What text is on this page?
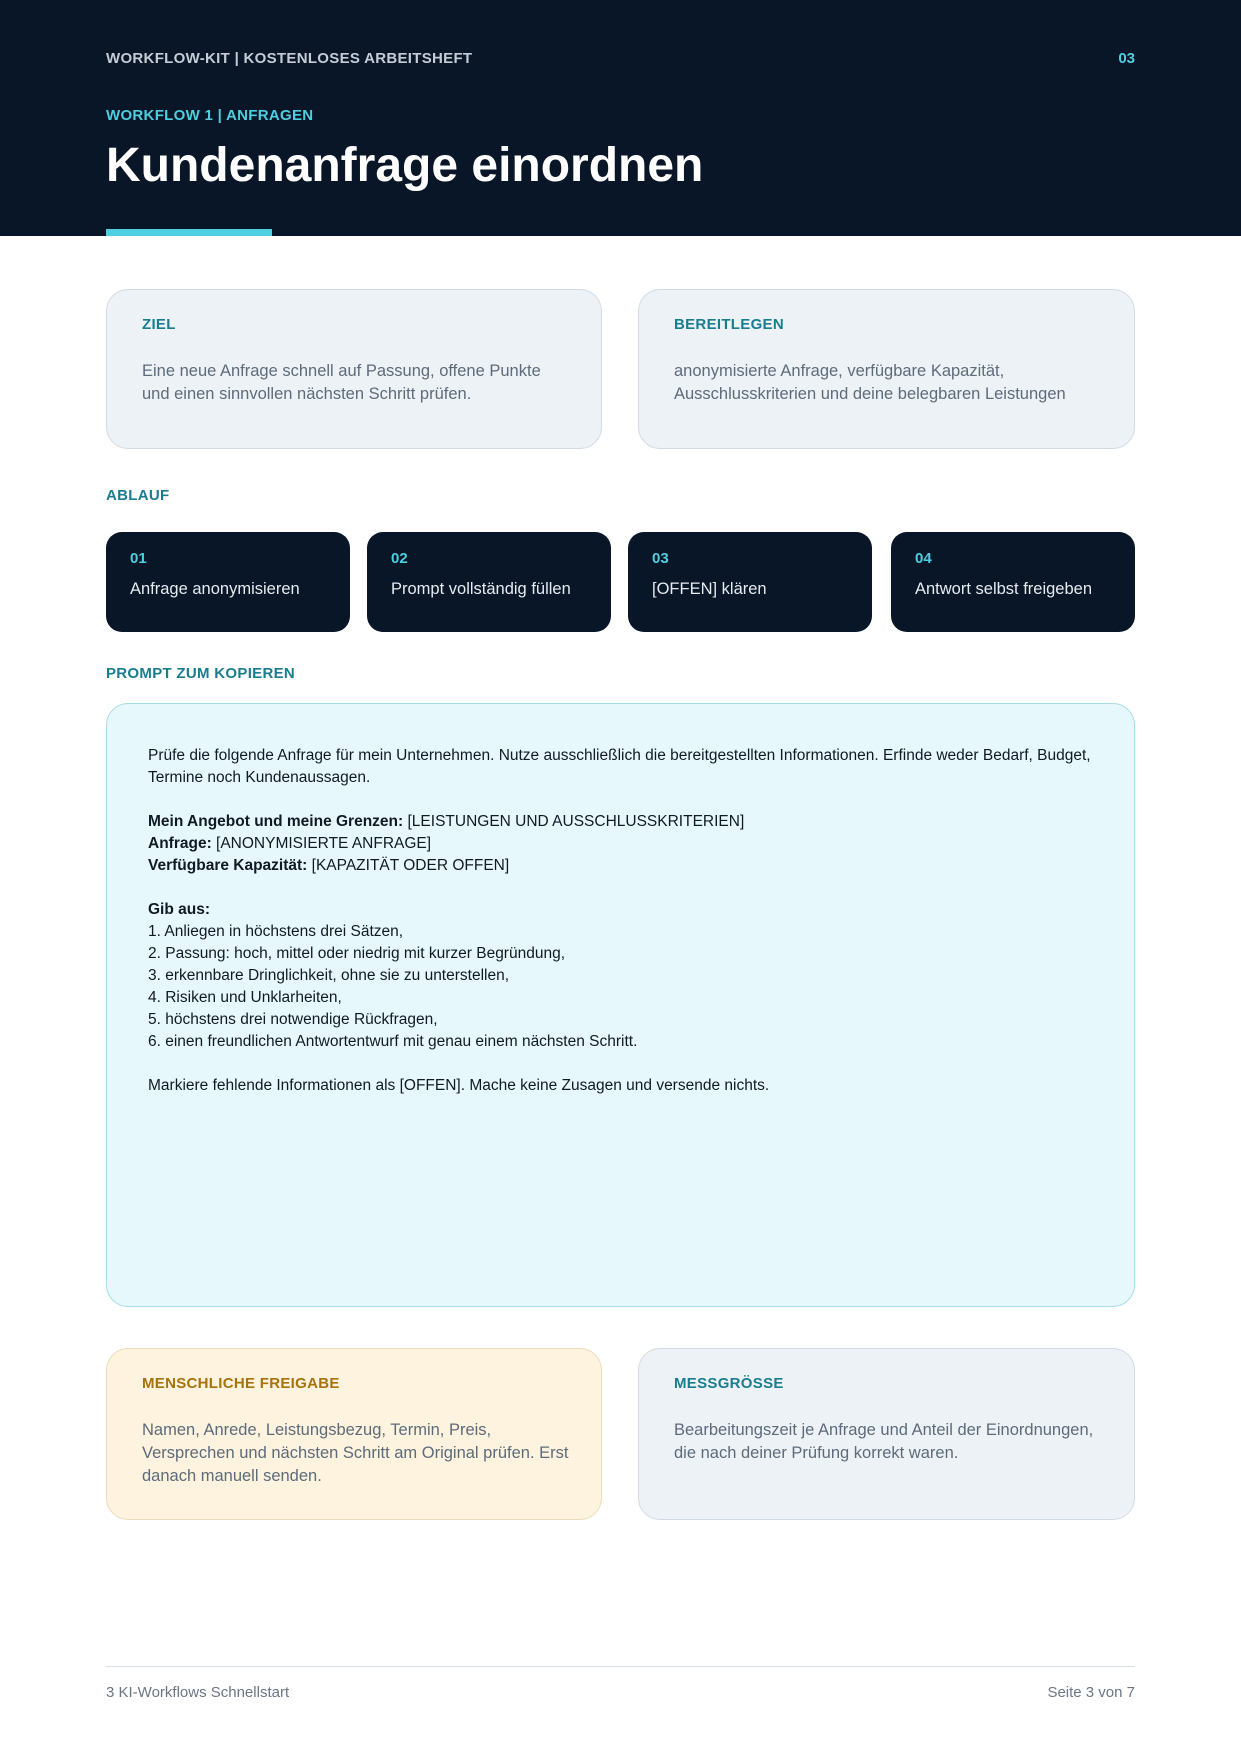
WORKFLOW-KIT | KOSTENLOSES ARBEITSHEFT	03
WORKFLOW 1 | ANFRAGEN
Kundenanfrage einordnen
ZIEL
Eine neue Anfrage schnell auf Passung, offene Punkte und einen sinnvollen nächsten Schritt prüfen.
BEREITLEGEN
anonymisierte Anfrage, verfügbare Kapazität, Ausschlusskriterien und deine belegbaren Leistungen
ABLAUF
01
Anfrage anonymisieren
02
Prompt vollständig füllen
03
[OFFEN] klären
04
Antwort selbst freigeben
PROMPT ZUM KOPIEREN

Prüfe die folgende Anfrage für mein Unternehmen. Nutze ausschließlich die bereitgestellten Informationen. Erfinde weder Bedarf, Budget, Termine noch Kundenaussagen.

Mein Angebot und meine Grenzen: [LEISTUNGEN UND AUSSCHLUSSKRITERIEN]

Anfrage: [ANONYMISIERTE ANFRAGE]

Verfügbare Kapazität: [KAPAZITÄT ODER OFFEN]

Gib aus:

1. Anliegen in höchstens drei Sätzen,

2. Passung: hoch, mittel oder niedrig mit kurzer Begründung,

3. erkennbare Dringlichkeit, ohne sie zu unterstellen,

4. Risiken und Unklarheiten,

5. höchstens drei notwendige Rückfragen,

6. einen freundlichen Antwortentwurf mit genau einem nächsten Schritt.

Markiere fehlende Informationen als [OFFEN]. Mache keine Zusagen und versende nichts.

MENSCHLICHE FREIGABE
Namen, Anrede, Leistungsbezug, Termin, Preis, Versprechen und nächsten Schritt am Original prüfen. Erst danach manuell senden.
MESSGRÖSSE
Bearbeitungszeit je Anfrage und Anteil der Einordnungen, die nach deiner Prüfung korrekt waren.
3 KI-Workflows Schnellstart	Seite 3 von 7
